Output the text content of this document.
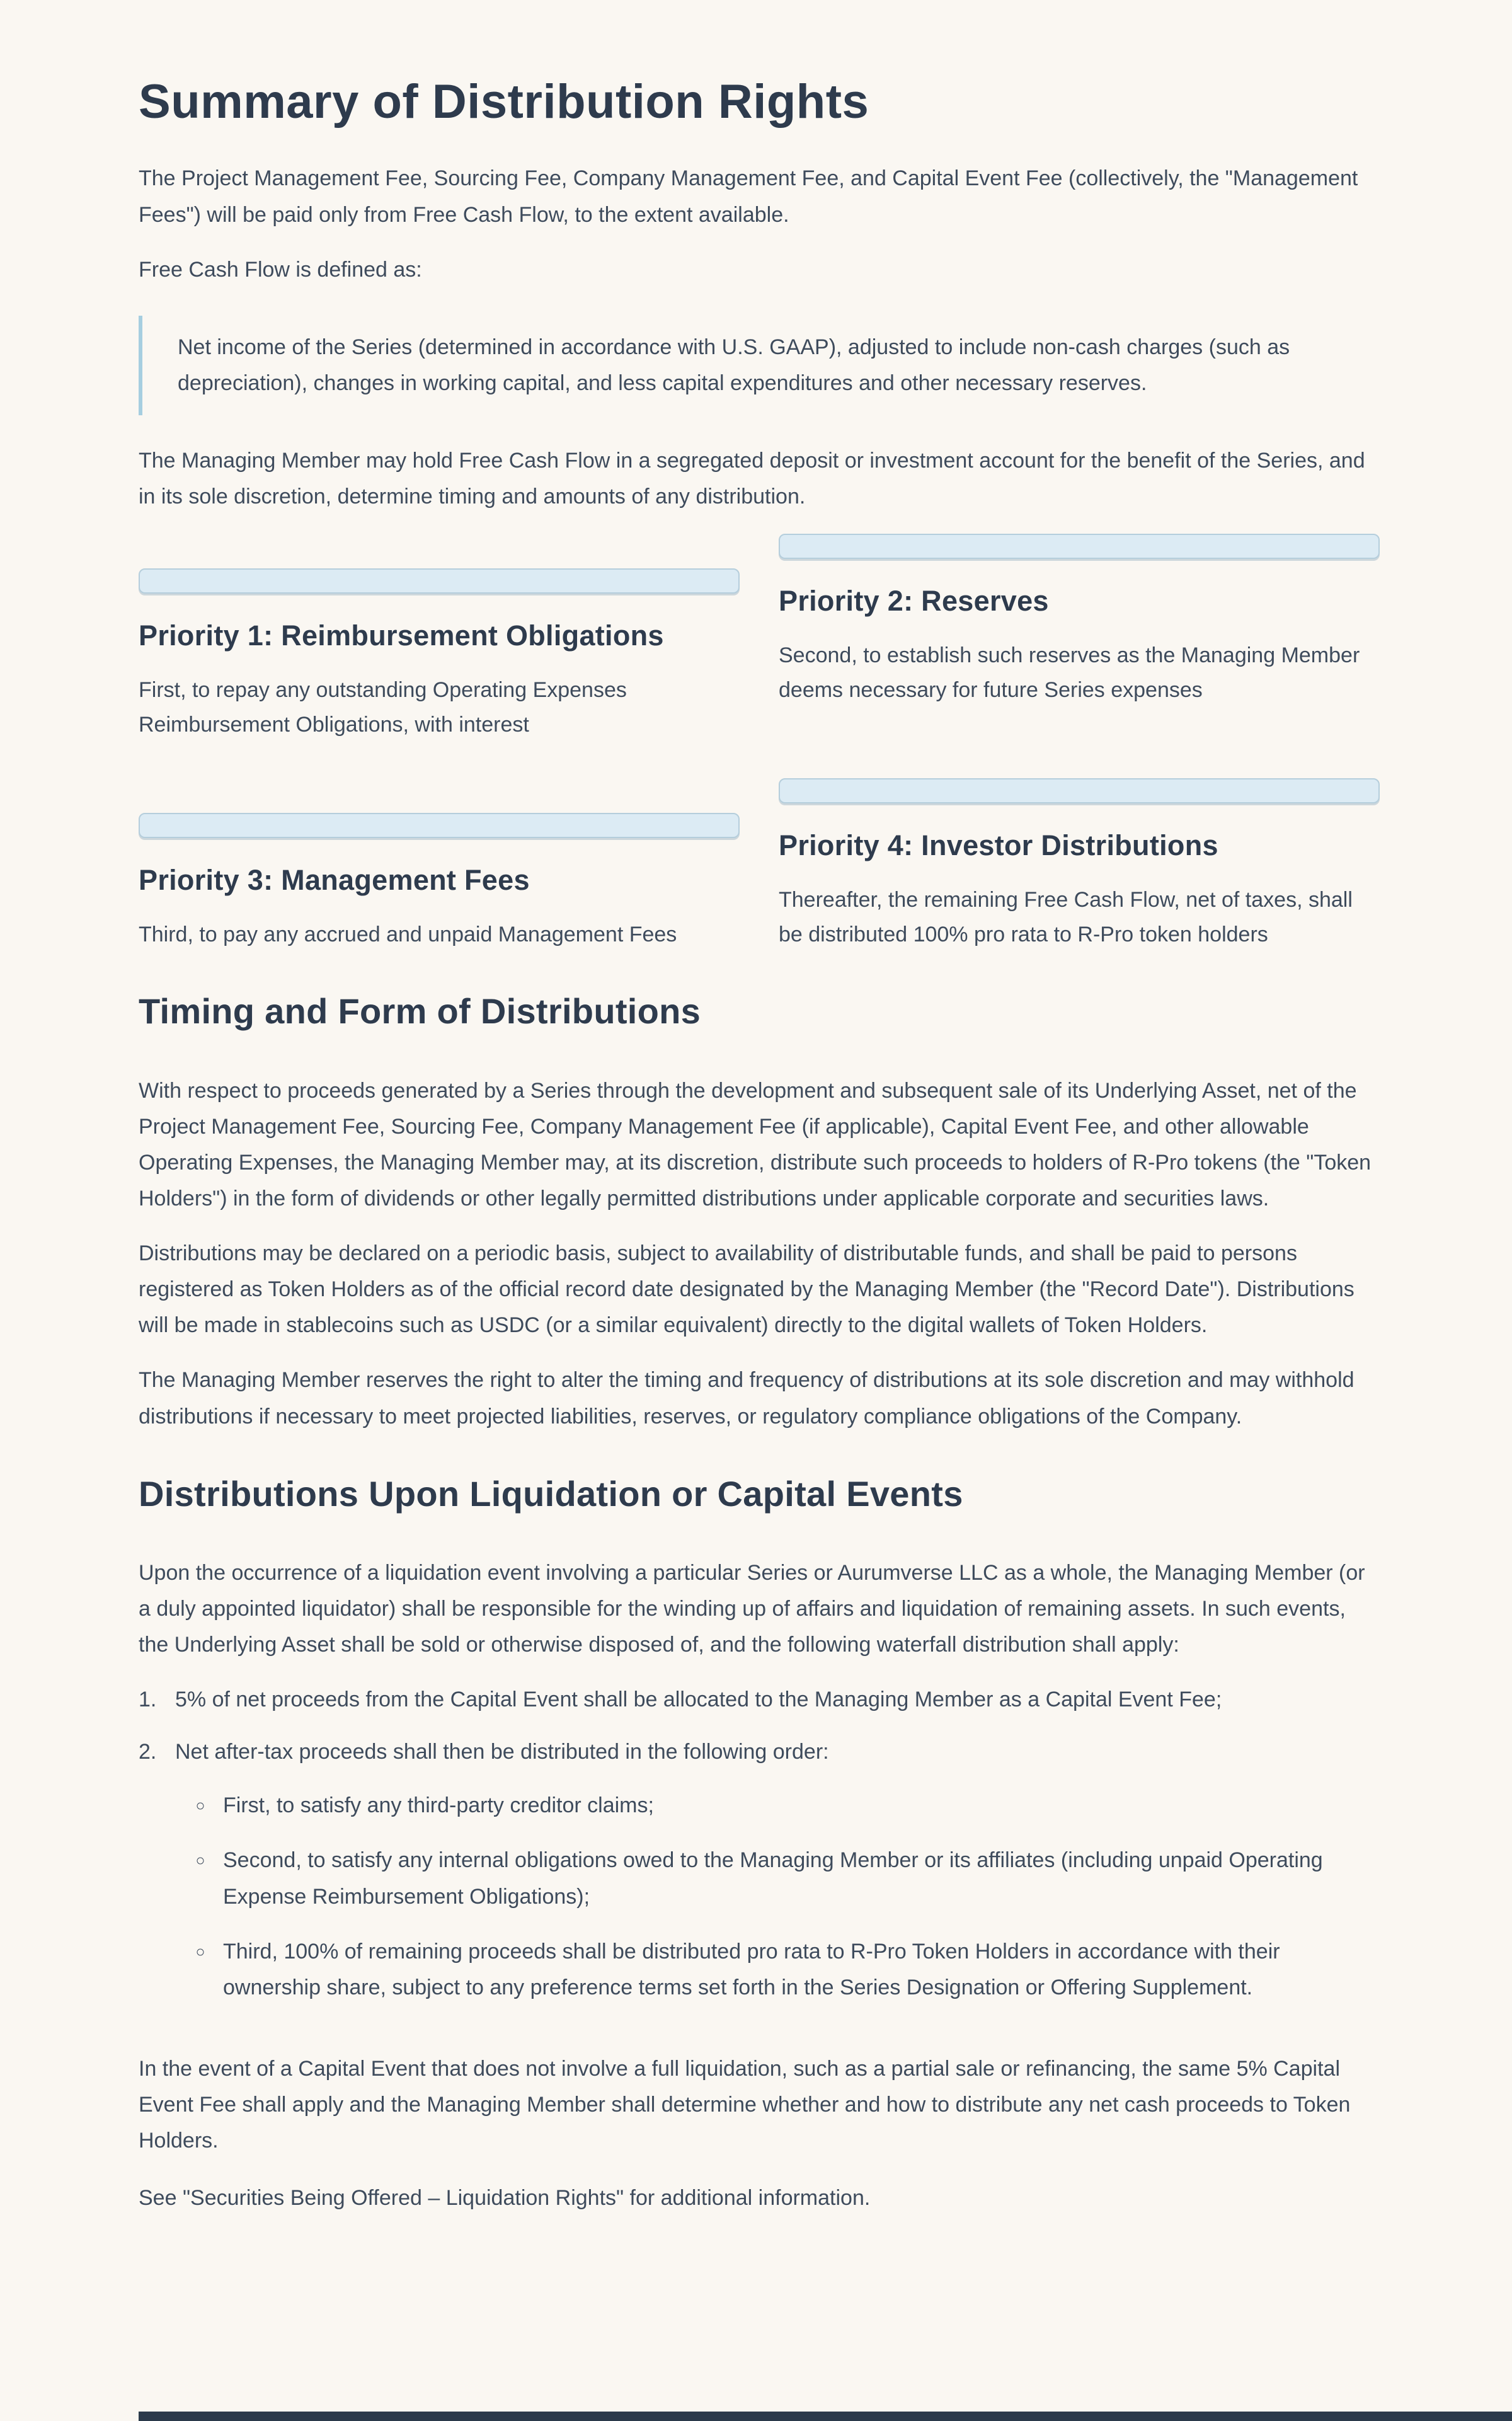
Summary of Distribution Rights

The Project Management Fee, Sourcing Fee, Company Management Fee, and Capital Event Fee (collectively, the "Management Fees") will be paid only from Free Cash Flow, to the extent available.

Free Cash Flow is defined as:

Net income of the Series (determined in accordance with U.S. GAAP), adjusted to include non-cash charges (such as depreciation), changes in working capital, and less capital expenditures and other necessary reserves.

The Managing Member may hold Free Cash Flow in a segregated deposit or investment account for the benefit of the Series, and in its sole discretion, determine timing and amounts of any distribution.

Priority 1: Reimbursement Obligations

First, to repay any outstanding Operating Expenses Reimbursement Obligations, with interest

Priority 3: Management Fees

Third, to pay any accrued and unpaid Management Fees

Priority 2: Reserves

Second, to establish such reserves as the Managing Member deems necessary for future Series expenses

Priority 4: Investor Distributions

Thereafter, the remaining Free Cash Flow, net of taxes, shall be distributed 100% pro rata to R-Pro token holders

Timing and Form of Distributions

With respect to proceeds generated by a Series through the development and subsequent sale of its Underlying Asset, net of the Project Management Fee, Sourcing Fee, Company Management Fee (if applicable), Capital Event Fee, and other allowable Operating Expenses, the Managing Member may, at its discretion, distribute such proceeds to holders of R-Pro tokens (the "Token Holders") in the form of dividends or other legally permitted distributions under applicable corporate and securities laws.

Distributions may be declared on a periodic basis, subject to availability of distributable funds, and shall be paid to persons registered as Token Holders as of the official record date designated by the Managing Member (the "Record Date"). Distributions will be made in stablecoins such as USDC (or a similar equivalent) directly to the digital wallets of Token Holders.

The Managing Member reserves the right to alter the timing and frequency of distributions at its sole discretion and may withhold distributions if necessary to meet projected liabilities, reserves, or regulatory compliance obligations of the Company.

Distributions Upon Liquidation or Capital Events

Upon the occurrence of a liquidation event involving a particular Series or Aurumverse LLC as a whole, the Managing Member (or a duly appointed liquidator) shall be responsible for the winding up of affairs and liquidation of remaining assets. In such events, the Underlying Asset shall be sold or otherwise disposed of, and the following waterfall distribution shall apply:

1. 5% of net proceeds from the Capital Event shall be allocated to the Managing Member as a Capital Event Fee;
2. Net after-tax proceeds shall then be distributed in the following order:
◦ First, to satisfy any third-party creditor claims;
◦ Second, to satisfy any internal obligations owed to the Managing Member or its affiliates (including unpaid Operating Expense Reimbursement Obligations);
◦ Third, 100% of remaining proceeds shall be distributed pro rata to R-Pro Token Holders in accordance with their ownership share, subject to any preference terms set forth in the Series Designation or Offering Supplement.

In the event of a Capital Event that does not involve a full liquidation, such as a partial sale or refinancing, the same 5% Capital Event Fee shall apply and the Managing Member shall determine whether and how to distribute any net cash proceeds to Token Holders.

See "Securities Being Offered – Liquidation Rights" for additional information.
